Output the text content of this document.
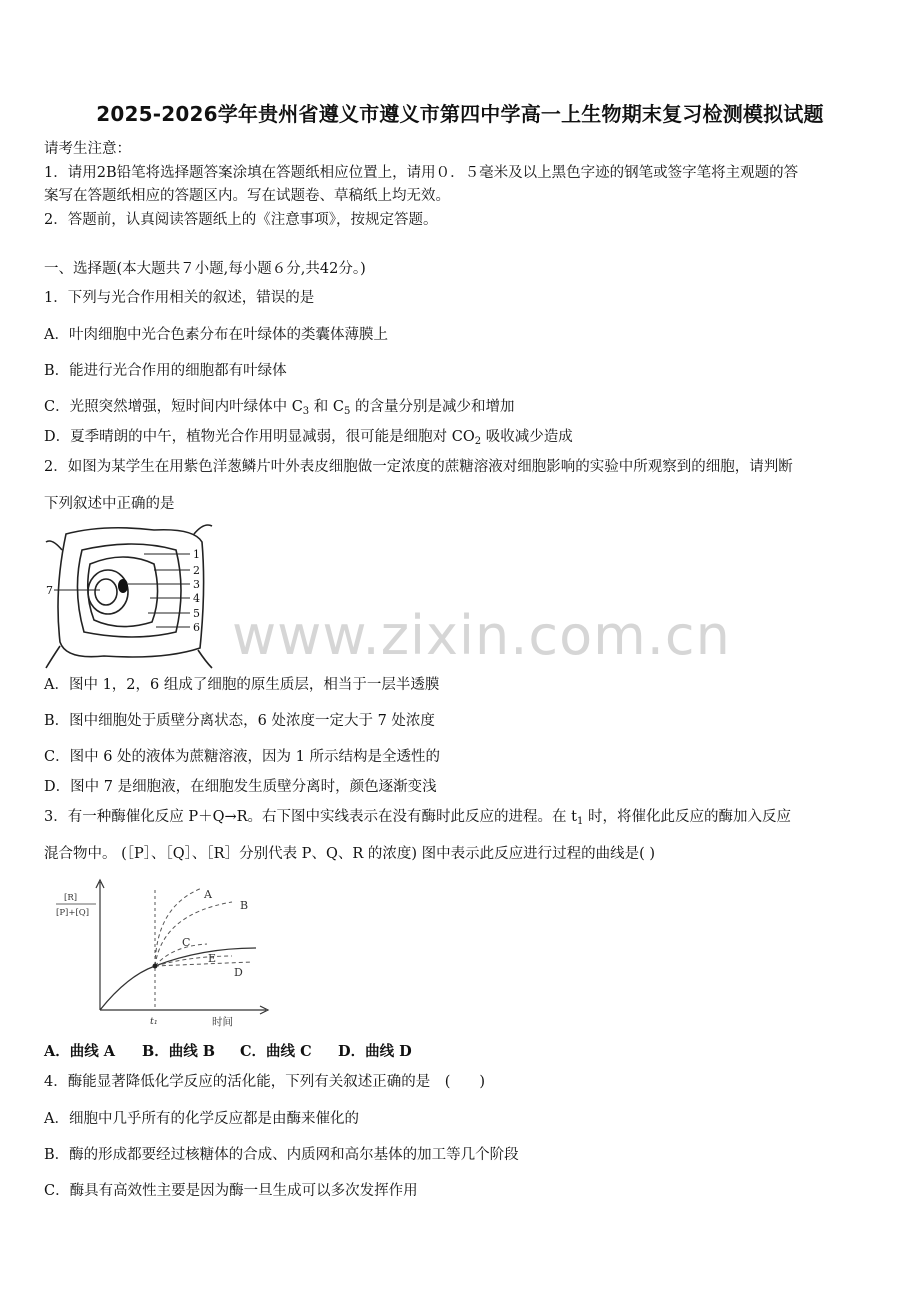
2025-2026学年贵州省遵义市遵义市第四中学高一上生物期末复习检测模拟试题
请考生注意：
1．请用2B铅笔将选择题答案涂填在答题纸相应位置上，请用０．５毫米及以上黑色字迹的钢笔或签字笔将主观题的答
案写在答题纸相应的答题区内。写在试题卷、草稿纸上均无效。
2．答题前，认真阅读答题纸上的《注意事项》，按规定答题。
一、选择题(本大题共７小题,每小题６分,共42分。)
1．下列与光合作用相关的叙述，错误的是
A．叶肉细胞中光合色素分布在叶绿体的类囊体薄膜上
B．能进行光合作用的细胞都有叶绿体
C．光照突然增强，短时间内叶绿体中 $C_3$ 和 $C_5$ 的含量分别是减少和增加
D．夏季晴朗的中午，植物光合作用明显减弱，很可能是细胞对 $CO_2$ 吸收减少造成
2．如图为某学生在用紫色洋葱鳞片叶外表皮细胞做一定浓度的蔗糖溶液对细胞影响的实验中所观察到的细胞，请判断
下列叙述中正确的是
1
2
3
4
5
6
7
www.zixin.com.cn
A．图中 1，2，6 组成了细胞的原生质层，相当于一层半透膜
B．图中细胞处于质壁分离状态，6 处浓度一定大于 7 处浓度
C．图中 6 处的液体为蔗糖溶液，因为 1 所示结构是全透性的
D．图中 7 是细胞液，在细胞发生质壁分离时，颜色逐渐变浅
3．有一种酶催化反应 P＋Q→R。右下图中实线表示在没有酶时此反应的进程。在 $t_1$ 时，将催化此反应的酶加入反应
混合物中。 (［P］、［Q］、［R］分别代表 P、Q、R 的浓度) 图中表示此反应进行过程的曲线是( )
[R]
[P]+[Q]
A
B
C
E
D
t₁	时间
A．曲线 A B．曲线 B C．曲线 C D．曲线 D
4．酶能显著降低化学反应的活化能，下列有关叙述正确的是　(　　)
A．细胞中几乎所有的化学反应都是由酶来催化的
B．酶的形成都要经过核糖体的合成、内质网和高尔基体的加工等几个阶段
C．酶具有高效性主要是因为酶一旦生成可以多次发挥作用
